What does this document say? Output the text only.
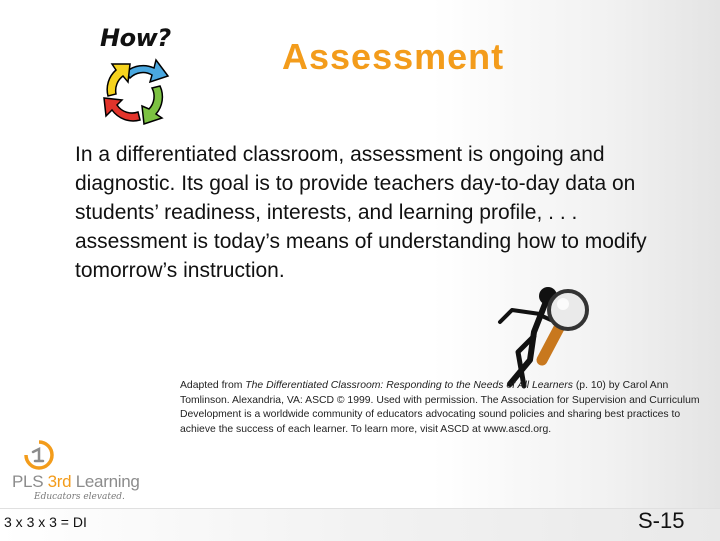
How?	Assessment
In a differentiated classroom, assessment is ongoing and diagnostic. Its goal is to provide teachers day-to-day data on students’ readiness, interests, and learning profile, . . . assessment is today’s means of understanding how to modify tomorrow’s instruction.
Adapted from The Differentiated Classroom: Responding to the Needs of All Learners (p. 10) by Carol Ann Tomlinson. Alexandria, VA: ASCD © 1999. Used with permission. The Association for Supervision and Curriculum Development is a worldwide community of educators advocating sound policies and sharing best practices to achieve the success of each learner. To learn more, visit ASCD at www.ascd.org.
PLS 3rd Learning
Educators elevated.
3 x 3 x 3 = DI	S-15
